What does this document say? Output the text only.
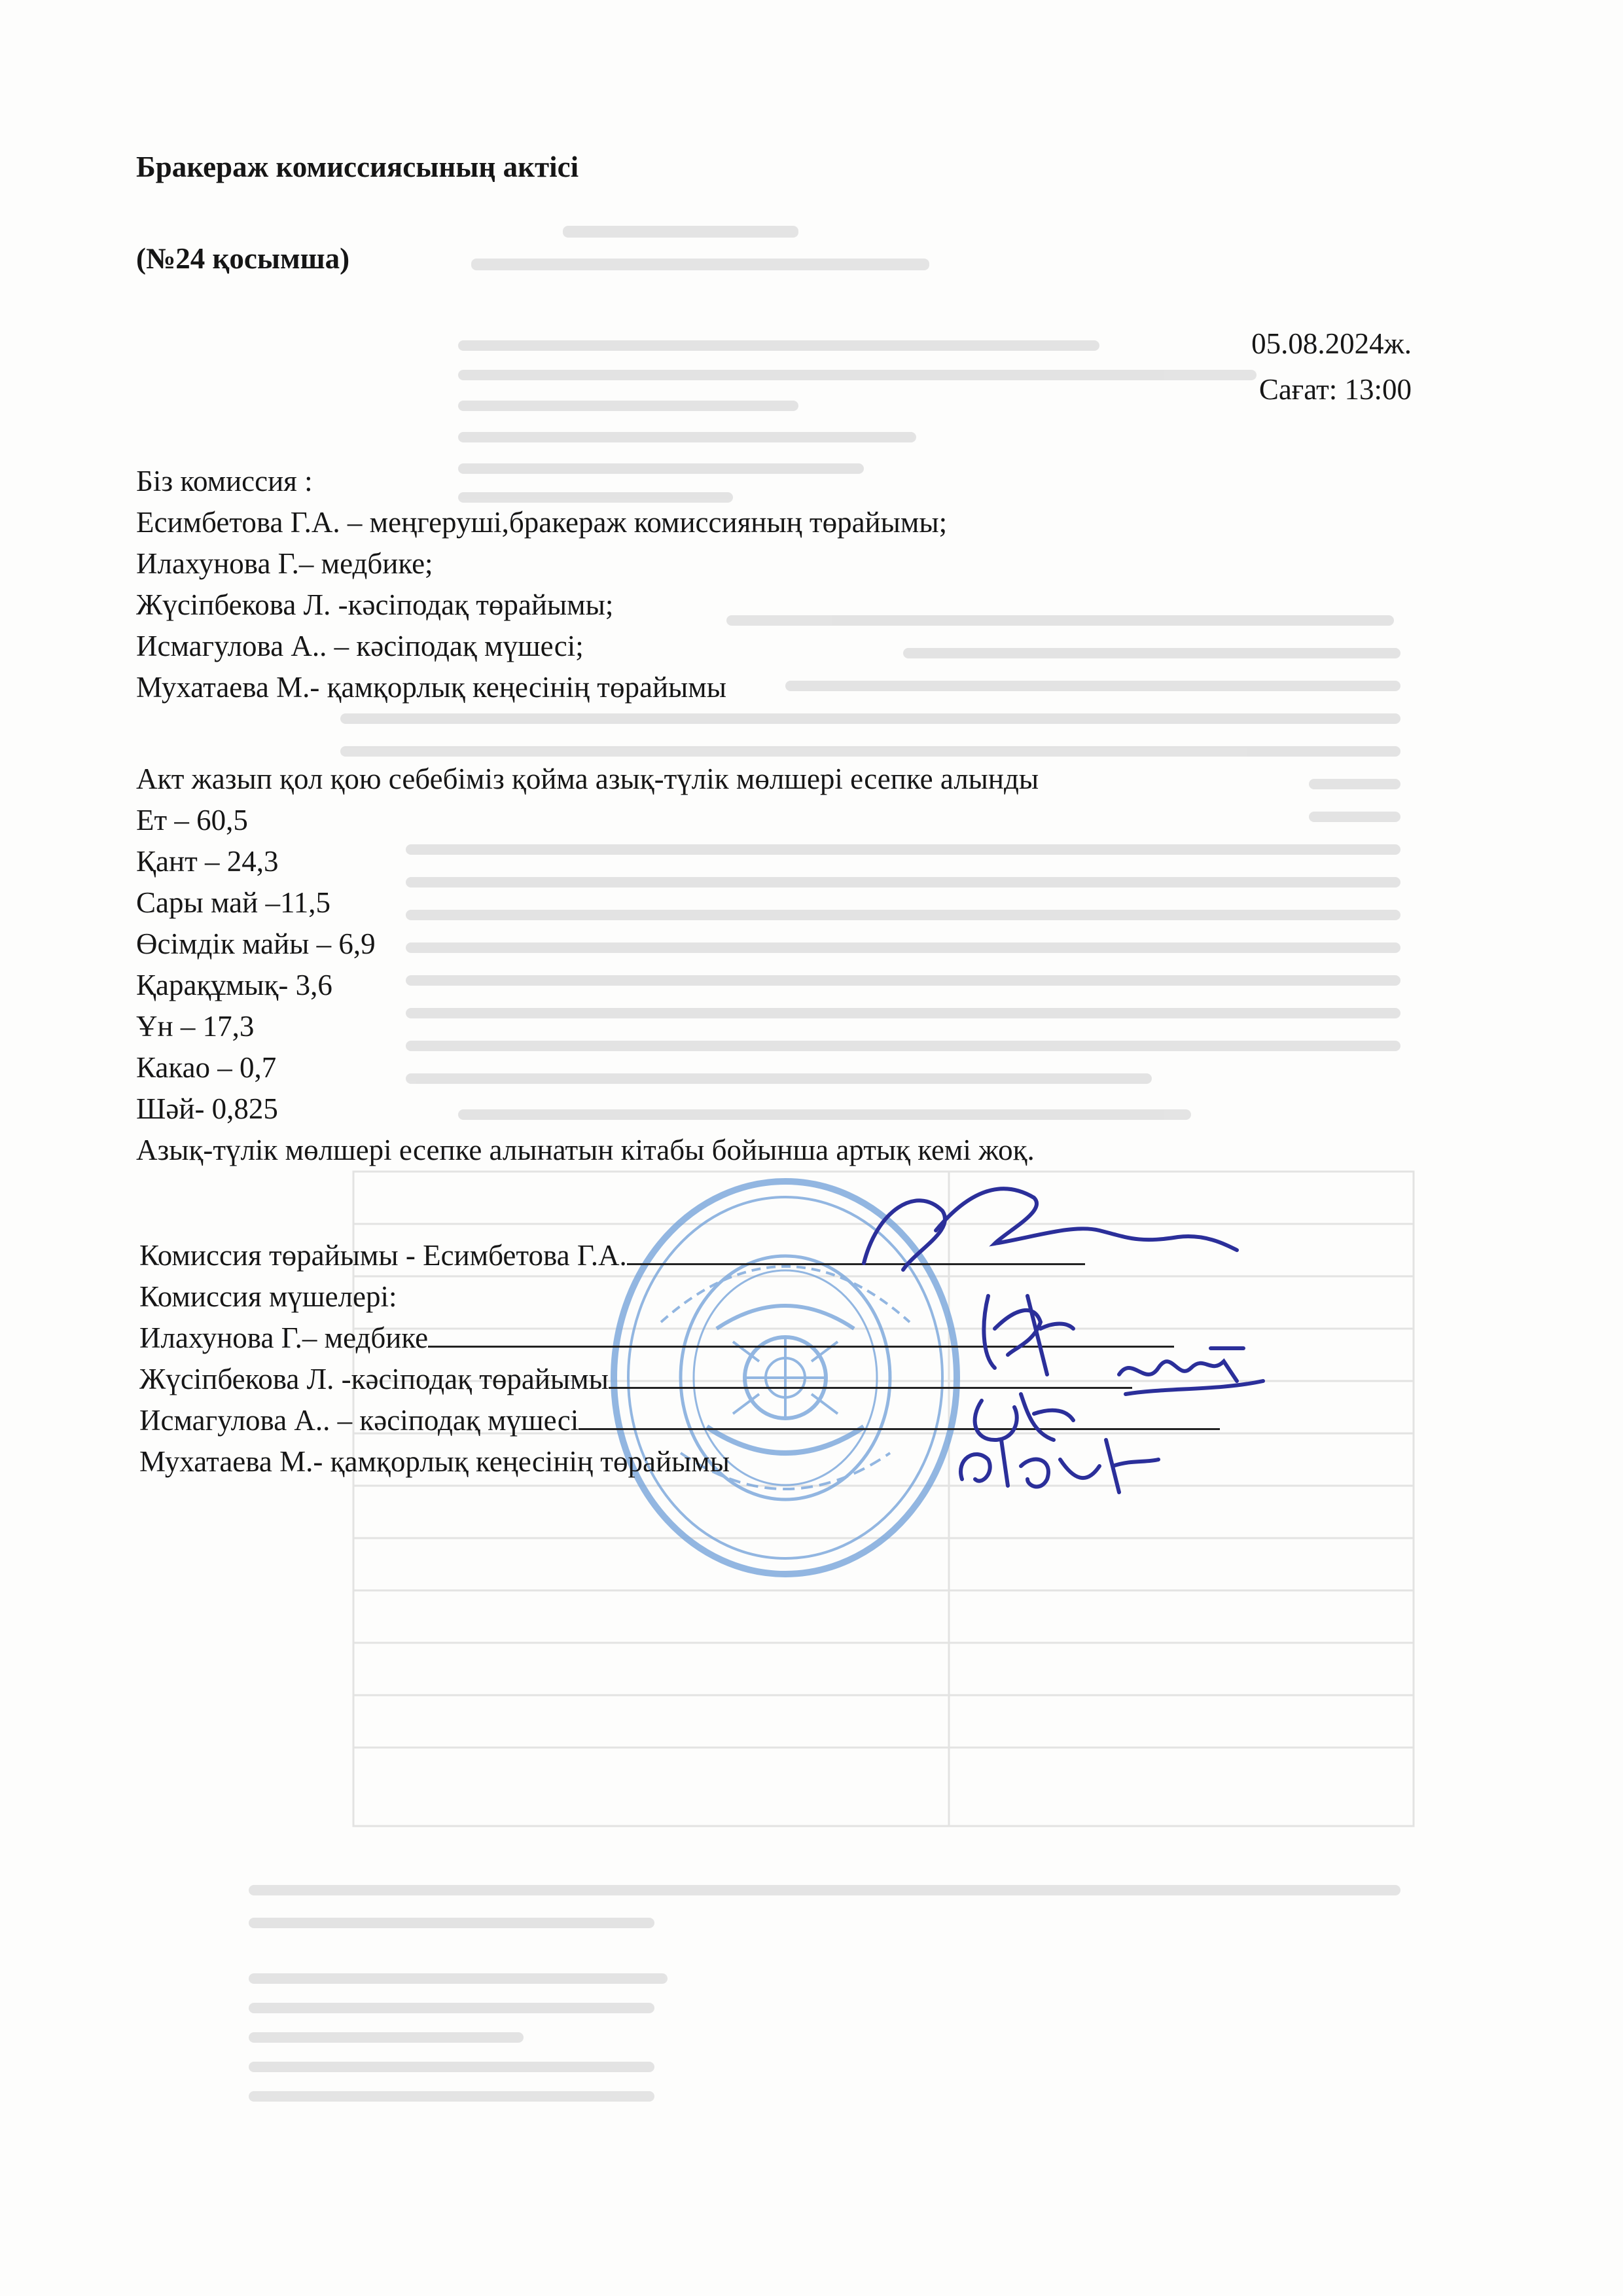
Бракераж комиссиясының актісі
(№24 қосымша)
05.08.2024ж.
Сағат: 13:00
Біз комиссия :
Есимбетова Г.А. – меңгеруші,бракераж комиссияның төрайымы;
Илахунова Г.– медбике;
Жүсіпбекова Л. -кәсіподақ төрайымы;
Исмагулова А.. – кәсіподақ мүшесі;
Мухатаева М.- қамқорлық кеңесінің төрайымы
Акт жазып қол қою себебіміз қойма азық-түлік мөлшері есепке алынды
Ет – 60,5
Қант – 24,3
Сары май –11,5
Өсімдік майы – 6,9
Қарақұмық- 3,6
Ұн – 17,3
Какао – 0,7
Шәй- 0,825
Азық-түлік мөлшері есепке алынатын кітабы бойынша артық кемі жоқ.
Комиссия төрайымы - Есимбетова Г.А.
Комиссия мүшелері:
Илахунова Г.– медбике
Жүсіпбекова Л. -кәсіподақ төрайымы
Исмагулова А.. – кәсіподақ мүшесі
Мухатаева М.- қамқорлық кеңесінің төрайымы
